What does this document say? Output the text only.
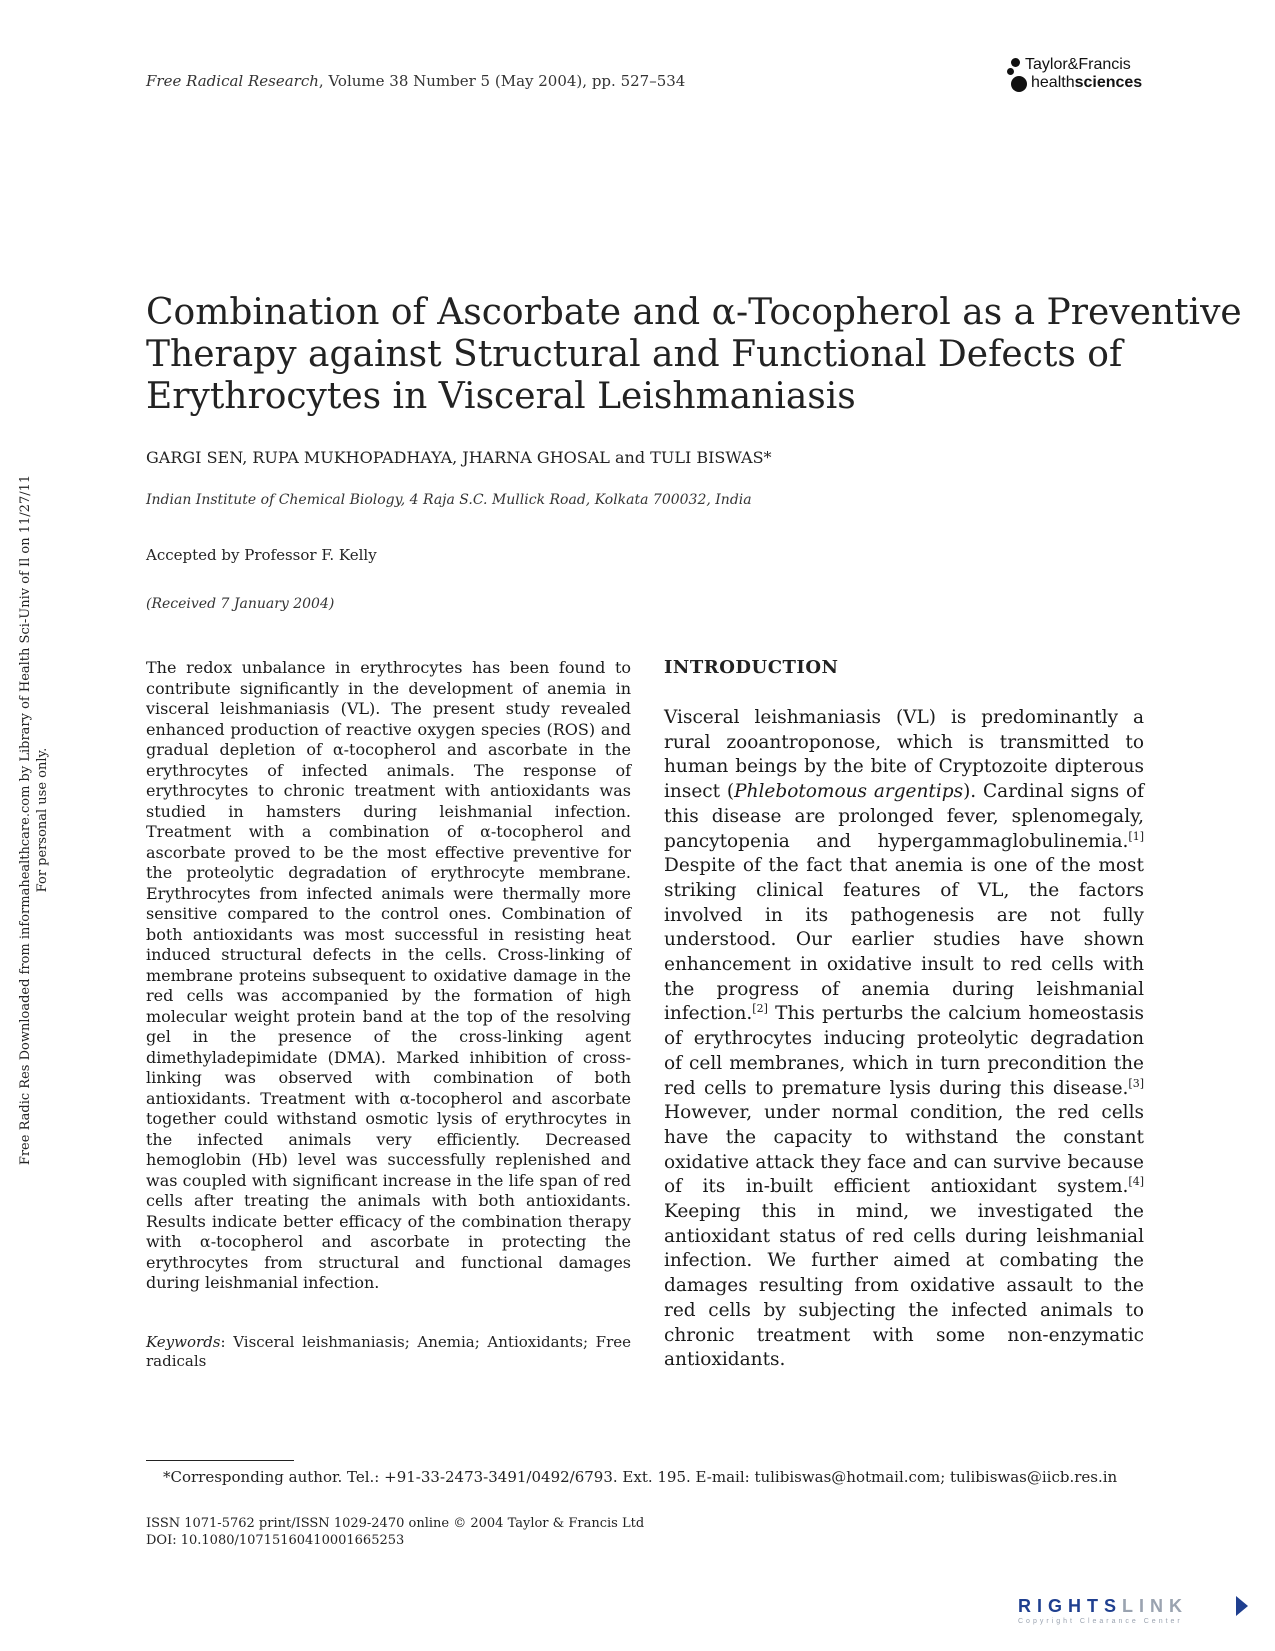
Free Radical Research, Volume 38 Number 5 (May 2004), pp. 527–534
Taylor&Francis
healthsciences
Free Radic Res Downloaded from informahealthcare.com by Library of Health Sci-Univ of Il on 11/27/11 For personal use only.
Combination of Ascorbate and α-Tocopherol as a Preventive
Therapy against Structural and Functional Defects of
Erythrocytes in Visceral Leishmaniasis
GARGI SEN, RUPA MUKHOPADHAYA, JHARNA GHOSAL and TULI BISWAS*
Indian Institute of Chemical Biology, 4 Raja S.C. Mullick Road, Kolkata 700032, India
Accepted by Professor F. Kelly
(Received 7 January 2004)
The redox unbalance in erythrocytes has been found to contribute significantly in the development of anemia in visceral leishmaniasis (VL). The present study revealed enhanced production of reactive oxygen species (ROS) and gradual depletion of α-tocopherol and ascorbate in the erythrocytes of infected animals. The response of erythrocytes to chronic treatment with antioxidants was studied in hamsters during leishmanial infection. Treatment with a combination of α-tocopherol and ascorbate proved to be the most effective preventive for the proteolytic degradation of erythrocyte membrane. Erythrocytes from infected animals were thermally more sensitive compared to the control ones. Combination of both antioxidants was most successful in resisting heat induced structural defects in the cells. Cross-linking of membrane proteins subsequent to oxidative damage in the red cells was accompanied by the formation of high molecular weight protein band at the top of the resolving gel in the presence of the cross-linking agent dimethyladepimidate (DMA). Marked inhibition of cross-linking was observed with combination of both antioxidants. Treatment with α-tocopherol and ascorbate together could withstand osmotic lysis of erythrocytes in the infected animals very efficiently. Decreased hemoglobin (Hb) level was successfully replenished and was coupled with significant increase in the life span of red cells after treating the animals with both antioxidants. Results indicate better efficacy of the combination therapy with α-tocopherol and ascorbate in protecting the erythrocytes from structural and functional damages during leishmanial infection.
Keywords: Visceral leishmaniasis; Anemia; Antioxidants; Free radicals
INTRODUCTION
Visceral leishmaniasis (VL) is predominantly a rural zooantroponose, which is transmitted to human beings by the bite of Cryptozoite dipterous insect (Phlebotomous argentips). Cardinal signs of this disease are prolonged fever, splenomegaly, pancytopenia and hypergammaglobulinemia.[1] Despite of the fact that anemia is one of the most striking clinical features of VL, the factors involved in its pathogenesis are not fully understood. Our earlier studies have shown enhancement in oxidative insult to red cells with the progress of anemia during leishmanial infection.[2] This perturbs the calcium homeostasis of erythrocytes inducing proteolytic degradation of cell membranes, which in turn precondition the red cells to premature lysis during this disease.[3] However, under normal condition, the red cells have the capacity to withstand the constant oxidative attack they face and can survive because of its in-built efficient antioxidant system.[4] Keeping this in mind, we investigated the antioxidant status of red cells during leishmanial infection. We further aimed at combating the damages resulting from oxidative assault to the red cells by subjecting the infected animals to chronic treatment with some non-enzymatic antioxidants.
*Corresponding author. Tel.: +91-33-2473-3491/0492/6793. Ext. 195. E-mail: tulibiswas@hotmail.com; tulibiswas@iicb.res.in
ISSN 1071-5762 print/ISSN 1029-2470 online © 2004 Taylor & Francis Ltd
DOI: 10.1080/10715160410001665253
RIGHTSLINK
Copyright Clearance Center
